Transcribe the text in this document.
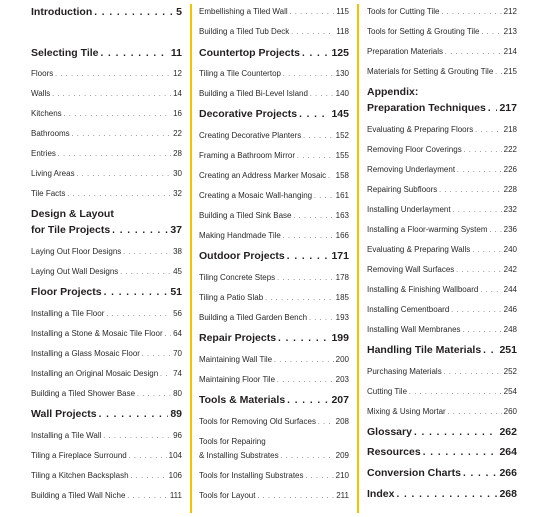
Introduction . . .	5
Selecting Tile . . .	11
Floors . . .	12
Walls . . .	14
Kitchens . . .	16
Bathrooms . . .	22
Entries . . .	28
Living Areas . . .	30
Tile Facts . . .	32
Design & Layout
for Tile Projects . . .	37
Laying Out Floor Designs . . .	38
Laying Out Wall Designs . . .	45
Floor Projects . . .	51
Installing a Tile Floor . . .	56
Installing a Stone & Mosaic Tile Floor . . . 64
Installing a Glass Mosaic Floor . . .	70
Installing an Original Mosaic Design . . . 74
Building a Tiled Shower Base . . .	80
Wall Projects . . .	89
Installing a Tile Wall . . .	96
Tiling a Fireplace Surround . . .	104
Tiling a Kitchen Backsplash . . .	106
Building a Tiled Wall Niche . . .	111
Embellishing a Tiled Wall . . .	115
Building a Tiled Tub Deck . . .	118
Countertop Projects . . .	125
Tiling a Tile Countertop . . .	130
Building a Tiled Bi-Level Island . . .	140
Decorative Projects . . .	145
Creating Decorative Planters . . .	152
Framing a Bathroom Mirror . . .	155
Creating an Address Marker Mosaic . . . 158
Creating a Mosaic Wall-hanging . . .	161
Building a Tiled Sink Base . . .	163
Making Handmade Tile . . .	166
Outdoor Projects . . .	171
Tiling Concrete Steps . . .	178
Tiling a Patio Slab . . .	185
Building a Tiled Garden Bench . . .	193
Repair Projects . . .	199
Maintaining Wall Tile . . .	200
Maintaining Floor Tile . . .	203
Tools & Materials . . .	207
Tools for Removing Old Surfaces . . . 208
Tools for Repairing
& Installing Substrates . . .	209
Tools for Installing Substrates . . .	210
Tools for Layout . . .	211
Tools for Cutting Tile . . .	212
Tools for Setting & Grouting Tile . . .	213
Preparation Materials . . .	214
Materials for Setting & Grouting Tile . . . 215
Appendix:
Preparation Techniques . . . 217
Evaluating & Preparing Floors . . .	218
Removing Floor Coverings . . .	222
Removing Underlayment . . .	226
Repairing Subfloors . . .	228
Installing Underlayment . . .	232
Installing a Floor-warming System . . . 236
Evaluating & Preparing Walls . . .	240
Removing Wall Surfaces . . .	242
Installing & Finishing Wallboard . . .	244
Installing Cementboard . . .	246
Installing Wall Membranes . . .	248
Handling Tile Materials . . . 251
Purchasing Materials . . .	252
Cutting Tile . . .	254
Mixing & Using Mortar . . .	260
Glossary . . .	262
Resources . . .	264
Conversion Charts . . .	266
Index . . .	268
